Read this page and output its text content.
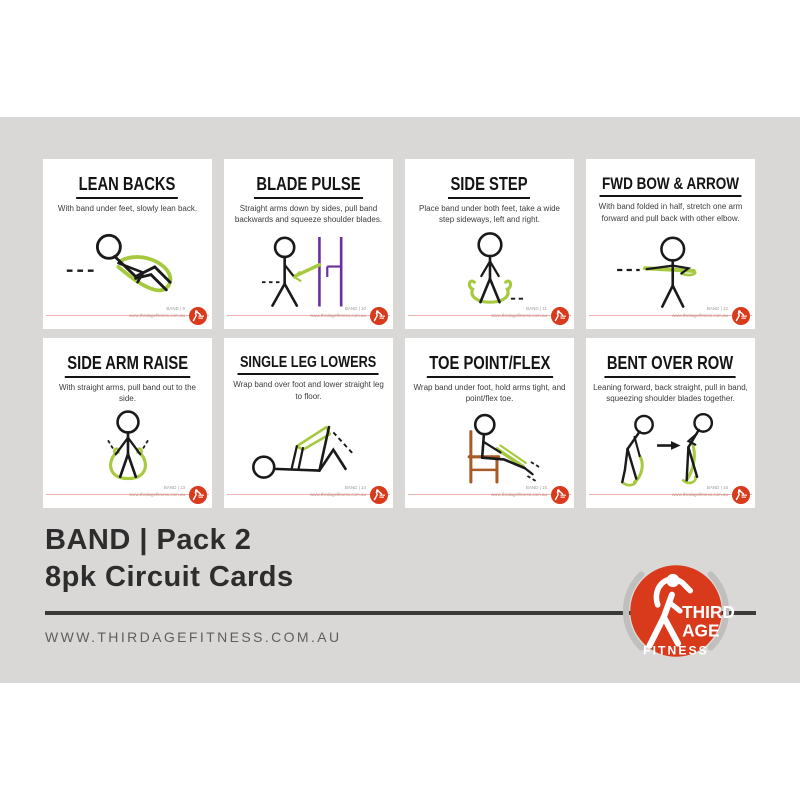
LEAN BACKS
With band under feet, slowly lean back.
BAND | 9
www.thirdagefitness.com.au
BLADE PULSE
Straight arms down by sides, pull band backwards and squeeze shoulder blades.
BAND | 10
www.thirdagefitness.com.au
SIDE STEP
Place band under both feet, take a wide step sideways, left and right.
BAND | 11
www.thirdagefitness.com.au
FWD BOW & ARROW
With band folded in half, stretch one arm forward and pull back with other elbow.
BAND | 12
www.thirdagefitness.com.au
SIDE ARM RAISE
With straight arms, pull band out to the side.
BAND | 13
www.thirdagefitness.com.au
SINGLE LEG LOWERS
Wrap band over foot and lower straight leg to floor.
BAND | 14
www.thirdagefitness.com.au
TOE POINT/FLEX
Wrap band under foot, hold arms tight, and point/flex toe.
BAND | 15
www.thirdagefitness.com.au
BENT OVER ROW
Leaning forward, back straight, pull in band, squeezing shoulder blades together.
BAND | 16
www.thirdagefitness.com.au
BAND | Pack 2
8pk Circuit Cards
WWW.THIRDAGEFITNESS.COM.AU
THIRD
AGE
FITNESS
